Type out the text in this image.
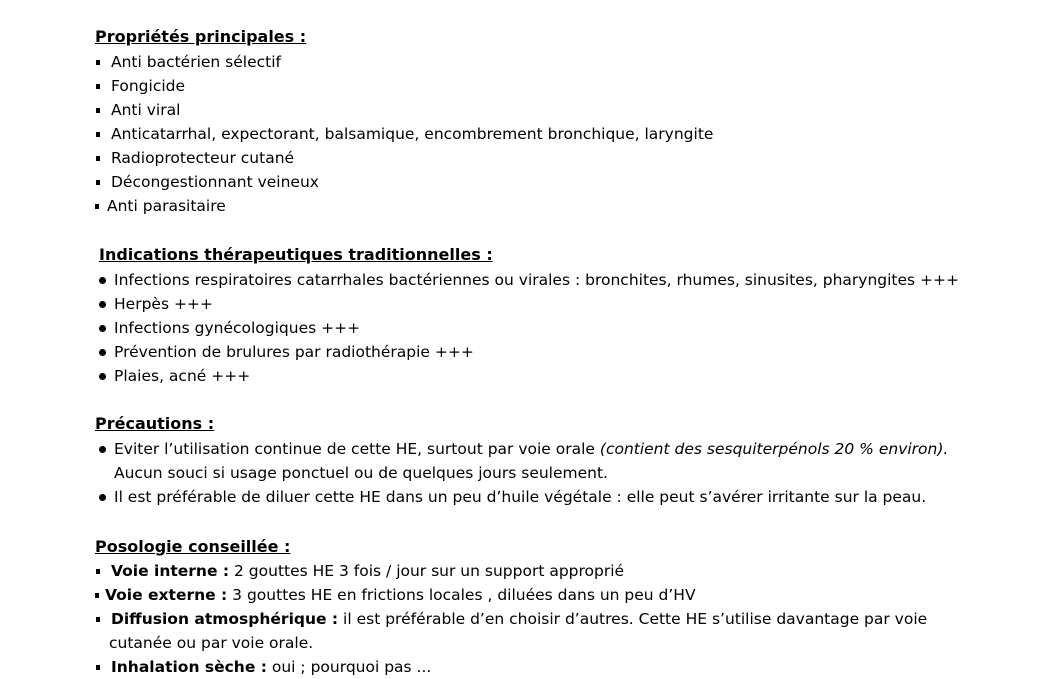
Propriétés principales :

Anti bactérien sélectif
Fongicide
Anti viral
Anticatarrhal, expectorant, balsamique, encombrement bronchique, laryngite
Radioprotecteur cutané
Décongestionnant veineux
Anti parasitaire

Indications thérapeutiques traditionnelles :

Infections respiratoires catarrhales bactériennes ou virales : bronchites, rhumes, sinusites, pharyngites +++
Herpès +++
Infections gynécologiques +++
Prévention de brulures par radiothérapie +++
Plaies, acné +++

Précautions :

Eviter l’utilisation continue de cette HE, surtout par voie orale (contient des sesquiterpénols 20 % environ).
Aucun souci si usage ponctuel ou de quelques jours seulement.
Il est préférable de diluer cette HE dans un peu d’huile végétale : elle peut s’avérer irritante sur la peau.

Posologie conseillée :

Voie interne : 2 gouttes HE 3 fois / jour sur un support approprié
Voie externe : 3 gouttes HE en frictions locales , diluées dans un peu d’HV
Diffusion atmosphérique : il est préférable d’en choisir d’autres. Cette HE s’utilise davantage par voie
cutanée ou par voie orale.
Inhalation sèche : oui ; pourquoi pas ...
